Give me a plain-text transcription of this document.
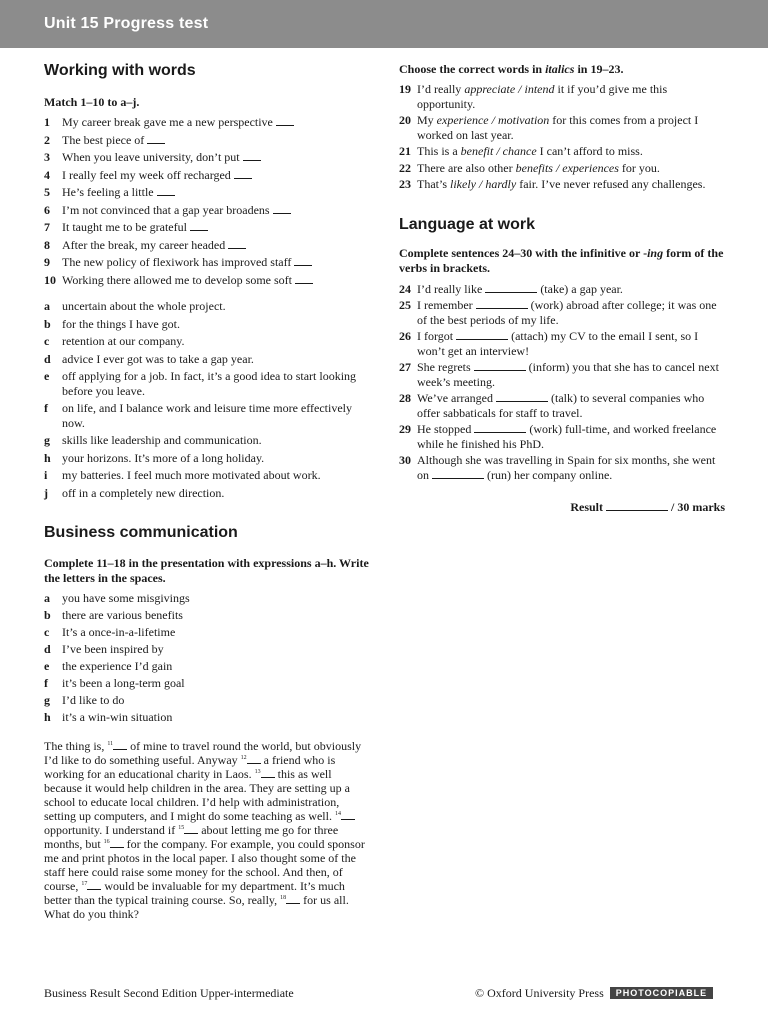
Unit 15 Progress test
Working with words
Match 1–10 to a–j.
1	My career break gave me a new perspective
2	The best piece of
3	When you leave university, don’t put
4	I really feel my week off recharged
5	He’s feeling a little
6	I’m not convinced that a gap year broadens
7	It taught me to be grateful
8	After the break, my career headed
9	The new policy of flexiwork has improved staff
10 Working there allowed me to develop some soft
a	uncertain about the whole project.
b for the things I have got.
c	retention at our company.
d advice I ever got was to take a gap year.
e	off applying for a job. In fact, it’s a good idea to start looking before you leave.
f	on life, and I balance work and leisure time more effectively now.
g	skills like leadership and communication.
h your horizons. It’s more of a long holiday.
i	my batteries. I feel much more motivated about work.
j	off in a completely new direction.
Business communication
Complete 11–18 in the presentation with expressions a–h. Write the letters in the spaces.
a	you have some misgivings
b there are various benefits
c	It’s a once-in-a-lifetime
d I’ve been inspired by
e	the experience I’d gain
f	it’s been a long-term goal
g	I’d like to do
h it’s a win-win situation
The thing is, $^{11}$ of mine to travel round the world, but obviously I’d like to do something useful. Anyway $^{12}$ a friend who is working for an educational charity in Laos. $^{13}$ this as well because it would help children in the area. They are setting up a school to educate local children. I’d help with administration, setting up computers, and I might do some teaching as well. $^{14}$ opportunity. I understand if $^{15}$ about letting me go for three months, but $^{16}$ for the company. For example, you could sponsor me and print photos in the local paper. I also thought some of the staff here could raise some money for the school. And then, of course, $^{17}$ would be invaluable for my department. It’s much better than the typical training course. So, really, $^{18}$ for us all. What do you think?
Choose the correct words in italics in 19–23.
19 I’d really appreciate / intend it if you’d give me this opportunity.
20 My experience / motivation for this comes from a project I worked on last year.
21 This is a benefit / chance I can’t afford to miss.
22 There are also other benefits / experiences for you.
23 That’s likely / hardly fair. I’ve never refused any challenges.
Language at work
Complete sentences 24–30 with the infinitive or -ing form of the verbs in brackets.
24 I’d really like	(take) a gap year.
25 I remember	(work) abroad after college; it was one of the best periods of my life.
26 I forgot	(attach) my CV to the email I sent, so I won’t get an interview!
27 She regrets	(inform) you that she has to cancel next week’s meeting.
28 We’ve arranged	(talk) to several companies who offer sabbaticals for staff to travel.
29 He stopped	(work) full-time, and worked freelance while he finished his PhD.
30 Although she was travelling in Spain for six months, she went on	(run) her company online.
Result	/ 30 marks
Business Result Second Edition Upper-intermediate	© Oxford University Press PHOTOCOPIABLE
